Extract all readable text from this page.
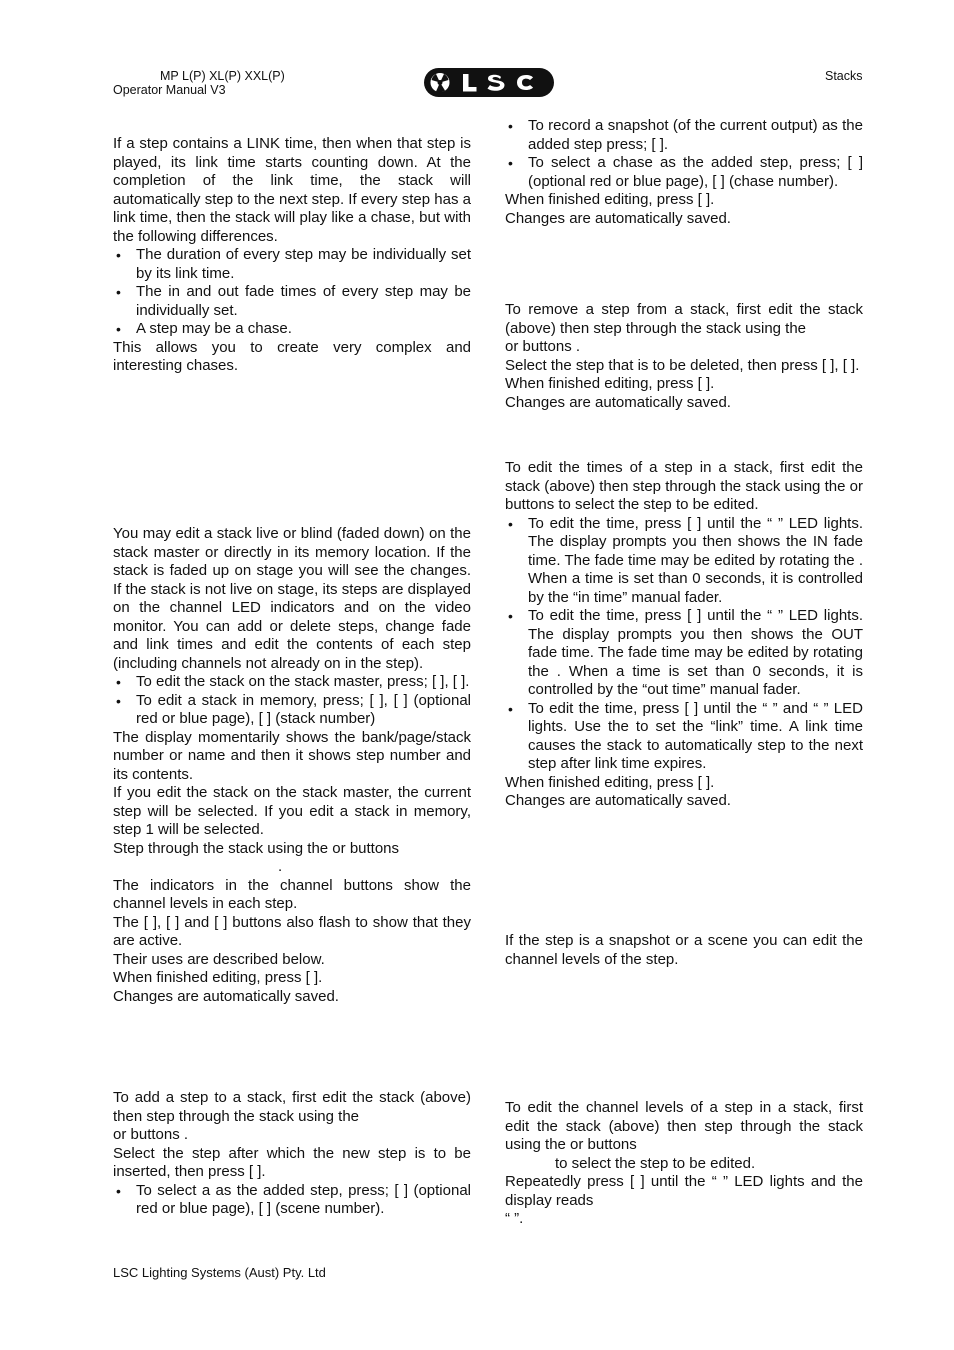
MP L(P) XL(P) XXL(P)
Operator Manual V3
Stacks

If a step contains a LINK time, then when that step is played, its link time starts counting down. At the completion of the link time, the stack will automatically step to the next step. If every step has a link time, then the stack will play like a chase, but with the following differences.

• The duration of every step may be individually set by its link time.
• The in and out fade times of every step may be individually set.
• A step may be a chase.

This allows you to create very complex and interesting chases.

You may edit a stack live or blind (faded down) on the stack master or directly in its memory location. If the stack is faded up on stage you will see the changes. If the stack is not live on stage, its steps are displayed on the channel LED indicators and on the video monitor. You can add or delete steps, change fade and link times and edit the contents of each step (including channels not already on in the step).

• To edit the stack on the stack master, press; [ ], [ ].
• To edit a stack in memory, press; [ ], [ ] (optional red or blue page), [ ] (stack number)

The display momentarily shows the bank/page/stack number or name and then it shows step number and its contents.

If you edit the stack on the stack master, the current step will be selected. If you edit a stack in memory, step 1 will be selected.

Step through the stack using the or buttons

.

The indicators in the channel buttons show the channel levels in each step.

The [ ], [ ] and [ ] buttons also flash to show that they are active.

Their uses are described below.

When finished editing, press [ ].

Changes are automatically saved.

To add a step to a stack, first edit the stack (above) then step through the stack using the

or buttons .

Select the step after which the new step is to be inserted, then press [ ].

• To select a as the added step, press; [ ] (optional red or blue page), [ ] (scene number).
• To record a snapshot (of the current output) as the added step press; [ ].
• To select a chase as the added step, press; [ ] (optional red or blue page), [ ] (chase number).

When finished editing, press [ ].

Changes are automatically saved.

To remove a step from a stack, first edit the stack (above) then step through the stack using the

or buttons .

Select the step that is to be deleted, then press [ ], [ ].

When finished editing, press [ ].

Changes are automatically saved.

To edit the times of a step in a stack, first edit the stack (above) then step through the stack using the or buttons to select the step to be edited.

• To edit the time, press [ ] until the “ ” LED lights. The display prompts you then shows the IN fade time. The fade time may be edited by rotating the . When a time is set than 0 seconds, it is controlled by the “in time” manual fader.
• To edit the time, press [ ] until the “ ” LED lights. The display prompts you then shows the OUT fade time. The fade time may be edited by rotating the . When a time is set than 0 seconds, it is controlled by the “out time” manual fader.
• To edit the time, press [ ] until the “ ” and “ ” LED lights. Use the to set the “link” time. A link time causes the stack to automatically step to the next step after link time expires.

When finished editing, press [ ].

Changes are automatically saved.

If the step is a snapshot or a scene you can edit the channel levels of the step.

To edit the channel levels of a step in a stack, first edit the stack (above) then step through the stack using the or buttons

to select the step to be edited.

Repeatedly press [ ] until the “ ” LED lights and the display reads

“ ”.

LSC Lighting Systems (Aust) Pty. Ltd
